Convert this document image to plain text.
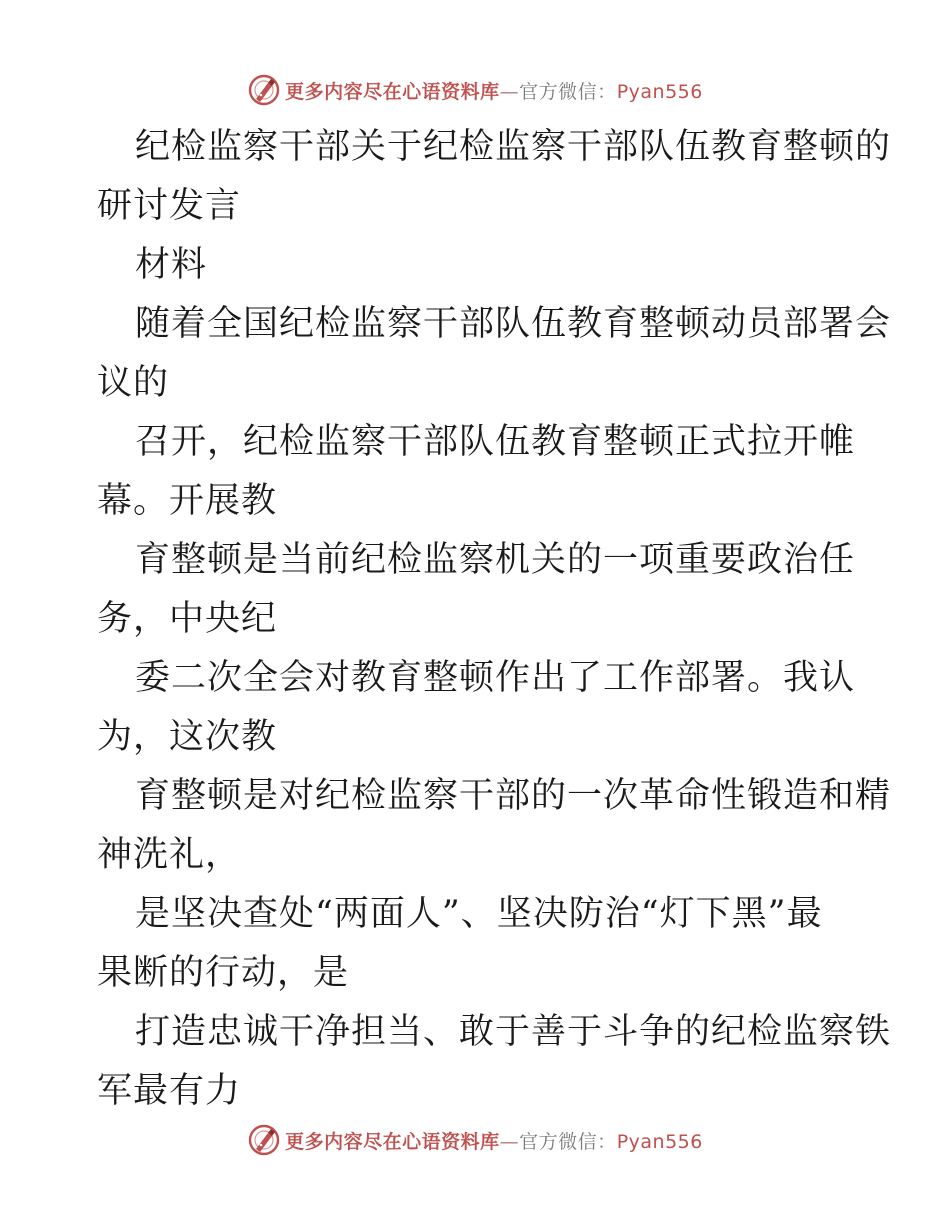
更多内容尽在心语资料库—官方微信：Pyan556
纪检监察干部关于纪检监察干部队伍教育整顿的
研讨发言
材料
随着全国纪检监察干部队伍教育整顿动员部署会
议的
召开，纪检监察干部队伍教育整顿正式拉开帷
幕。开展教
育整顿是当前纪检监察机关的一项重要政治任
务，中央纪
委二次全会对教育整顿作出了工作部署。我认
为，这次教
育整顿是对纪检监察干部的一次革命性锻造和精
神洗礼，
是坚决查处“两面人”、坚决防治“灯下黑”最
果断的行动，是
打造忠诚干净担当、敢于善于斗争的纪检监察铁
军最有力
更多内容尽在心语资料库—官方微信：Pyan556
